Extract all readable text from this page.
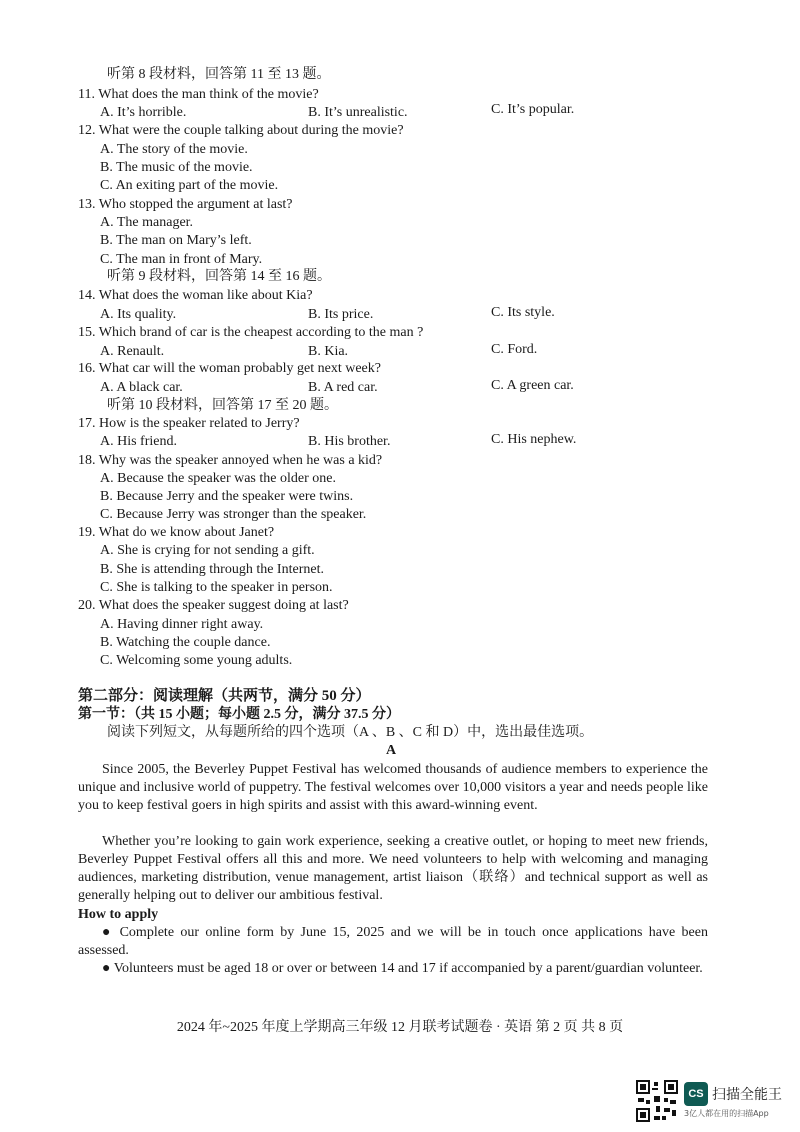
听第 8 段材料，回答第 11 至 13 题。
11. What does the man think of the movie?
A. It’s horrible.	B. It’s unrealistic.	C. It’s popular.
12. What were the couple talking about during the movie?
A. The story of the movie.
B. The music of the movie.
C. An exiting part of the movie.
13. Who stopped the argument at last?
A. The manager.
B. The man on Mary’s left.
C. The man in front of Mary.
听第 9 段材料，回答第 14 至 16 题。
14. What does the woman like about Kia?
A. Its quality.	B. Its price.	C. Its style.
15. Which brand of car is the cheapest according to the man ?
A. Renault.	B. Kia.	C. Ford.
16. What car will the woman probably get next week?
A. A black car.	B. A red car.	C. A green car.
听第 10 段材料，回答第 17 至 20 题。
17. How is the speaker related to Jerry?
A. His friend.	B. His brother.	C. His nephew.
18. Why was the speaker annoyed when he was a kid?
A. Because the speaker was the older one.
B. Because Jerry and the speaker were twins.
C. Because Jerry was stronger than the speaker.
19. What do we know about Janet?
A. She is crying for not sending a gift.
B. She is attending through the Internet.
C. She is talking to the speaker in person.
20. What does the speaker suggest doing at last?
A. Having dinner right away.
B. Watching the couple dance.
C. Welcoming some young adults.
第二部分：阅读理解（共两节，满分 50 分）
第一节：（共 15 小题；每小题 2.5 分，满分 37.5 分）
阅读下列短文，从每题所给的四个选项（A 、B 、C 和 D）中，选出最佳选项。
A
Since 2005, the Beverley Puppet Festival has welcomed thousands of audience members to experience the unique and inclusive world of puppetry. The festival welcomes over 10,000 visitors a year and needs people like you to keep festival goers in high spirits and assist with this award-winning event.
Whether you’re looking to gain work experience, seeking a creative outlet, or hoping to meet new friends, Beverley Puppet Festival offers all this and more. We need volunteers to help with welcoming and managing audiences, marketing distribution, venue management, artist liaison（联络）and technical support as well as generally helping out to deliver our ambitious festival.
How to apply
● Complete our online form by June 15, 2025 and we will be in touch once applications have been assessed.
● Volunteers must be aged 18 or over or between 14 and 17 if accompanied by a parent/guardian volunteer.
2024 年~2025 年度上学期高三年级 12 月联考试题卷 · 英语 第 2 页 共 8 页
CS 扫描全能王
3亿人都在用的扫描App
